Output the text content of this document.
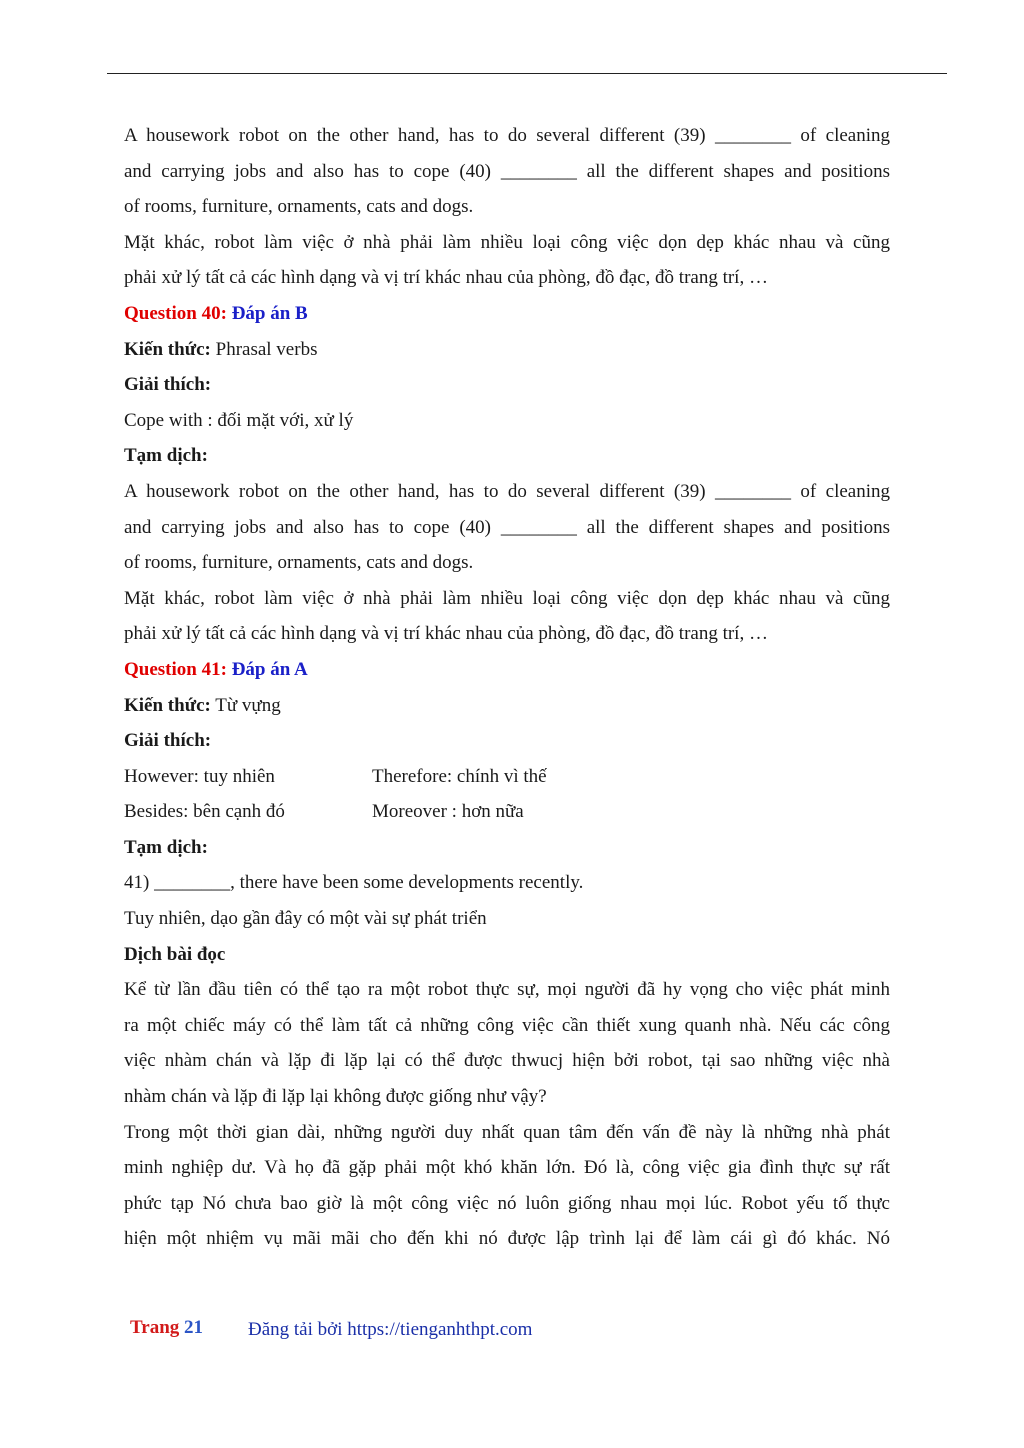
A housework robot on the other hand, has to do several different (39) ________ of cleaning

and carrying jobs and also has to cope (40) ________ all the different shapes and positions

of rooms, furniture, ornaments, cats and dogs.

Mặt khác, robot làm việc ở nhà phải làm nhiều loại công việc dọn dẹp khác nhau và cũng

phải xử lý tất cả các hình dạng và vị trí khác nhau của phòng, đồ đạc, đồ trang trí, …

Question 40: Đáp án B

Kiến thức: Phrasal verbs

Giải thích:

Cope with : đối mặt với, xử lý

Tạm dịch:

A housework robot on the other hand, has to do several different (39) ________ of cleaning

and carrying jobs and also has to cope (40) ________ all the different shapes and positions

of rooms, furniture, ornaments, cats and dogs.

Mặt khác, robot làm việc ở nhà phải làm nhiều loại công việc dọn dẹp khác nhau và cũng

phải xử lý tất cả các hình dạng và vị trí khác nhau của phòng, đồ đạc, đồ trang trí, …

Question 41: Đáp án A

Kiến thức: Từ vựng

Giải thích:

However: tuy nhiên	Therefore: chính vì thế
Besides: bên cạnh đó	Moreover : hơn nữa

Tạm dịch:

41) ________, there have been some developments recently.

Tuy nhiên, dạo gần đây có một vài sự phát triển

Dịch bài đọc

Kể từ lần đầu tiên có thể tạo ra một robot thực sự, mọi người đã hy vọng cho việc phát minh

ra một chiếc máy có thể làm tất cả những công việc cần thiết xung quanh nhà. Nếu các công

việc nhàm chán và lặp đi lặp lại có thể được thwucj hiện bởi robot, tại sao những việc nhà

nhàm chán và lặp đi lặp lại không được giống như vậy?

Trong một thời gian dài, những người duy nhất quan tâm đến vấn đề này là những nhà phát

minh nghiệp dư. Và họ đã gặp phải một khó khăn lớn. Đó là, công việc gia đình thực sự rất

phức tạp Nó chưa bao giờ là một công việc nó luôn giống nhau mọi lúc. Robot yếu tố thực

hiện một nhiệm vụ mãi mãi cho đến khi nó được lập trình lại để làm cái gì đó khác. Nó

Trang 21 Đăng tải bởi https://tienganhthpt.com
